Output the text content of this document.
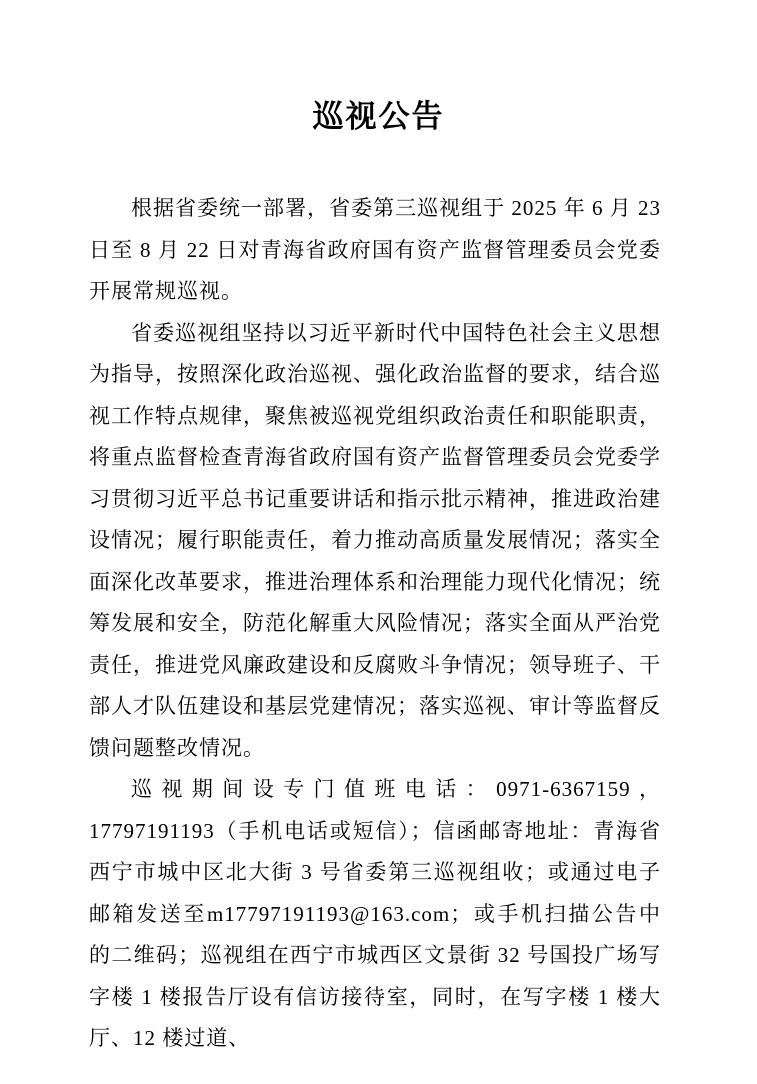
巡视公告

根据省委统一部署，省委第三巡视组于 2025 年 6 月 23 日至 8 月 22 日对青海省政府国有资产监督管理委员会党委开展常规巡视。

省委巡视组坚持以习近平新时代中国特色社会主义思想为指导，按照深化政治巡视、强化政治监督的要求，结合巡视工作特点规律，聚焦被巡视党组织政治责任和职能职责，将重点监督检查青海省政府国有资产监督管理委员会党委学习贯彻习近平总书记重要讲话和指示批示精神，推进政治建设情况；履行职能责任，着力推动高质量发展情况；落实全面深化改革要求，推进治理体系和治理能力现代化情况；统筹发展和安全，防范化解重大风险情况；落实全面从严治党责任，推进党风廉政建设和反腐败斗争情况；领导班子、干部人才队伍建设和基层党建情况；落实巡视、审计等监督反馈问题整改情况。

巡视期间设专门值班电话：0971-6367159，17797191193（手机电话或短信）；信函邮寄地址：青海省西宁市城中区北大街 3 号省委第三巡视组收；或通过电子邮箱发送至m17797191193@163.com；或手机扫描公告中的二维码；巡视组在西宁市城西区文景街 32 号国投广场写字楼 1 楼报告厅设有信访接待室，同时，在写字楼 1 楼大厅、12 楼过道、
